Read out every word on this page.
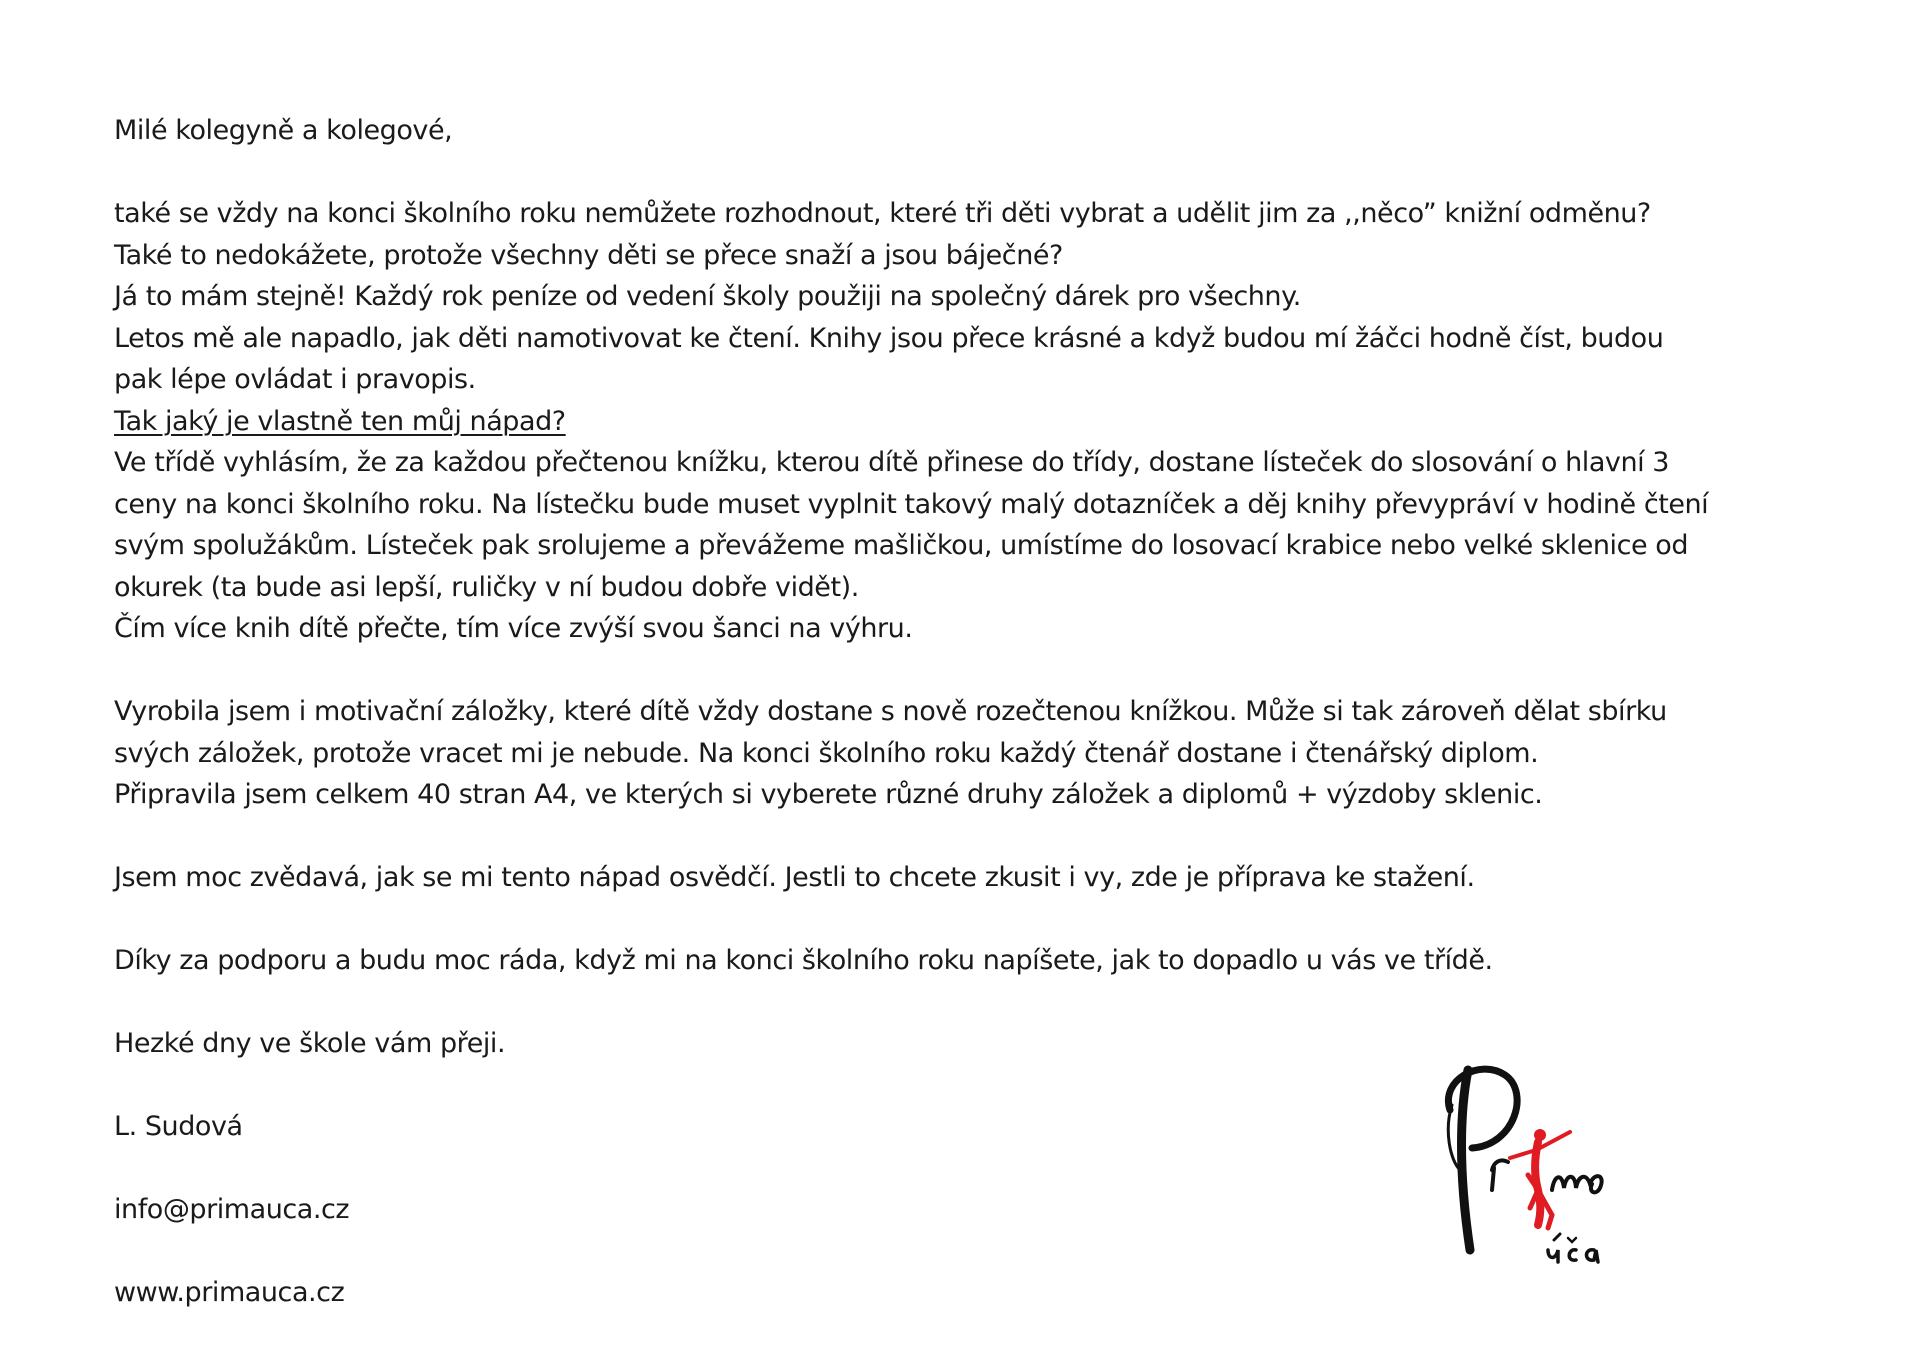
Milé kolegyně a kolegové,
také se vždy na konci školního roku nemůžete rozhodnout, které tři děti vybrat a udělit jim za ,,něco” knižní odměnu?
Také to nedokážete, protože všechny děti se přece snaží a jsou báječné?
Já to mám stejně! Každý rok peníze od vedení školy použiji na společný dárek pro všechny.
Letos mě ale napadlo, jak děti namotivovat ke čtení. Knihy jsou přece krásné a když budou mí žáčci hodně číst, budou
pak lépe ovládat i pravopis.
Tak jaký je vlastně ten můj nápad?
Ve třídě vyhlásím, že za každou přečtenou knížku, kterou dítě přinese do třídy, dostane lísteček do slosování o hlavní 3
ceny na konci školního roku. Na lístečku bude muset vyplnit takový malý dotazníček a děj knihy převypráví v hodině čtení
svým spolužákům. Lísteček pak srolujeme a převážeme mašličkou, umístíme do losovací krabice nebo velké sklenice od
okurek (ta bude asi lepší, ruličky v ní budou dobře vidět).
Čím více knih dítě přečte, tím více zvýší svou šanci na výhru.
Vyrobila jsem i motivační záložky, které dítě vždy dostane s nově rozečtenou knížkou. Může si tak zároveň dělat sbírku
svých záložek, protože vracet mi je nebude. Na konci školního roku každý čtenář dostane i čtenářský diplom.
Připravila jsem celkem 40 stran A4, ve kterých si vyberete různé druhy záložek a diplomů + výzdoby sklenic.
Jsem moc zvědavá, jak se mi tento nápad osvědčí. Jestli to chcete zkusit i vy, zde je příprava ke stažení.
Díky za podporu a budu moc ráda, když mi na konci školního roku napíšete, jak to dopadlo u vás ve třídě.
Hezké dny ve škole vám přeji.
L. Sudová
info@primauca.cz
www.primauca.cz
